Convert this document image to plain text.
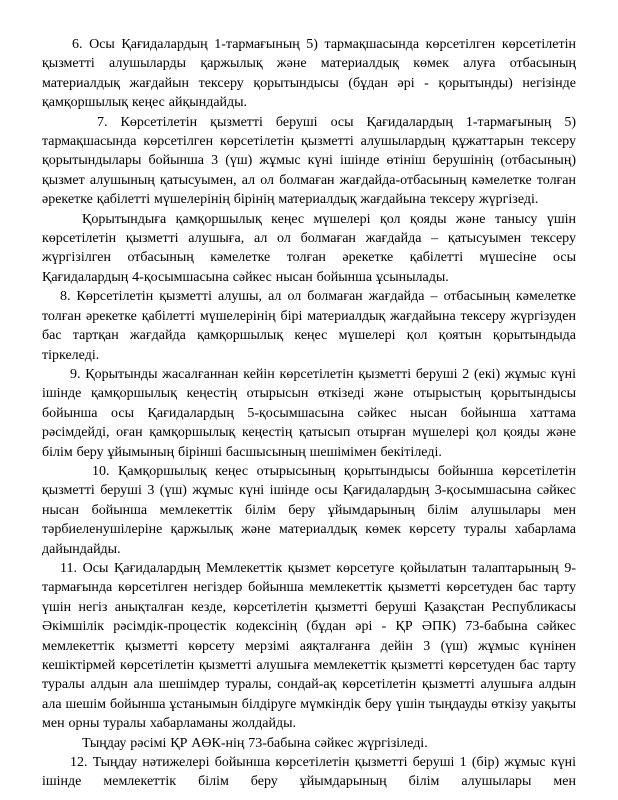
6. Осы Қағидалардың 1-тармағының 5) тармақшасында көрсетілген көрсетілетін қызметті алушыларды қаржылық және материалдық көмек алуға отбасының материалдық жағдайын тексеру қорытындысы (бұдан әрі - қорытынды) негізінде қамқоршылық кеңес айқындайды.

7. Көрсетілетін қызметті беруші осы Қағидалардың 1-тармағының 5) тармақшасында көрсетілген көрсетілетін қызметті алушылардың құжаттарын тексеру қорытындылары бойынша 3 (үш) жұмыс күні ішінде өтініш берушінің (отбасының) қызмет алушының қатысуымен, ал ол болмаған жағдайда-отбасының кәмелетке толған әрекетке қабілетті мүшелерінің бірінің материалдық жағдайына тексеру жүргізеді.

Қорытындыға қамқоршылық кеңес мүшелері қол қояды және танысу үшін көрсетілетін қызметті алушыға, ал ол болмаған жағдайда – қатысуымен тексеру жүргізілген отбасының кәмелетке толған әрекетке қабілетті мүшесіне осы Қағидалардың 4-қосымшасына сәйкес нысан бойынша ұсынылады.

8. Көрсетілетін қызметті алушы, ал ол болмаған жағдайда – отбасының кәмелетке толған әрекетке қабілетті мүшелерінің бірі материалдық жағдайына тексеру жүргізуден бас тартқан жағдайда қамқоршылық кеңес мүшелері қол қоятын қорытындыда тіркеледі.

9. Қорытынды жасалғаннан кейін көрсетілетін қызметті беруші 2 (екі) жұмыс күні ішінде қамқоршылық кеңестің отырысын өткізеді және отырыстың қорытындысы бойынша осы Қағидалардың 5-қосымшасына сәйкес нысан бойынша хаттама рәсімдейді, оған қамқоршылық кеңестің қатысып отырған мүшелері қол қояды және білім беру ұйымының бірінші басшысының шешімімен бекітіледі.

10. Қамқоршылық кеңес отырысының қорытындысы бойынша көрсетілетін қызметті беруші 3 (үш) жұмыс күні ішінде осы Қағидалардың 3-қосымшасына сәйкес нысан бойынша мемлекеттік білім беру ұйымдарының білім алушылары мен тәрбиеленушілеріне қаржылық және материалдық көмек көрсету туралы хабарлама дайындайды.

11. Осы Қағидалардың Мемлекеттік қызмет көрсетуге қойылатын талаптарының 9-тармағында көрсетілген негіздер бойынша мемлекеттік қызметті көрсетуден бас тарту үшін негіз анықталған кезде, көрсетілетін қызметті беруші Қазақстан Республикасы Әкімшілік рәсімдік-процестік кодексінің (бұдан әрі - ҚР ӘПК) 73-бабына сәйкес мемлекеттік қызметті көрсету мерзімі аяқталғанға дейін 3 (үш) жұмыс күнінен кешіктірмей көрсетілетін қызметті алушыға мемлекеттік қызметті көрсетуден бас тарту туралы алдын ала шешімдер туралы, сондай-ақ көрсетілетін қызметті алушыға алдын ала шешім бойынша ұстанымын білдіруге мүмкіндік беру үшін тыңдауды өткізу уақыты мен орны туралы хабарламаны жолдайды.

Тыңдау рәсімі ҚР АӨК-нің 73-бабына сәйкес жүргізіледі.

12. Тыңдау нәтижелері бойынша көрсетілетін қызметті беруші 1 (бір) жұмыс күні ішінде мемлекеттік білім беру ұйымдарының білім алушылары мен
